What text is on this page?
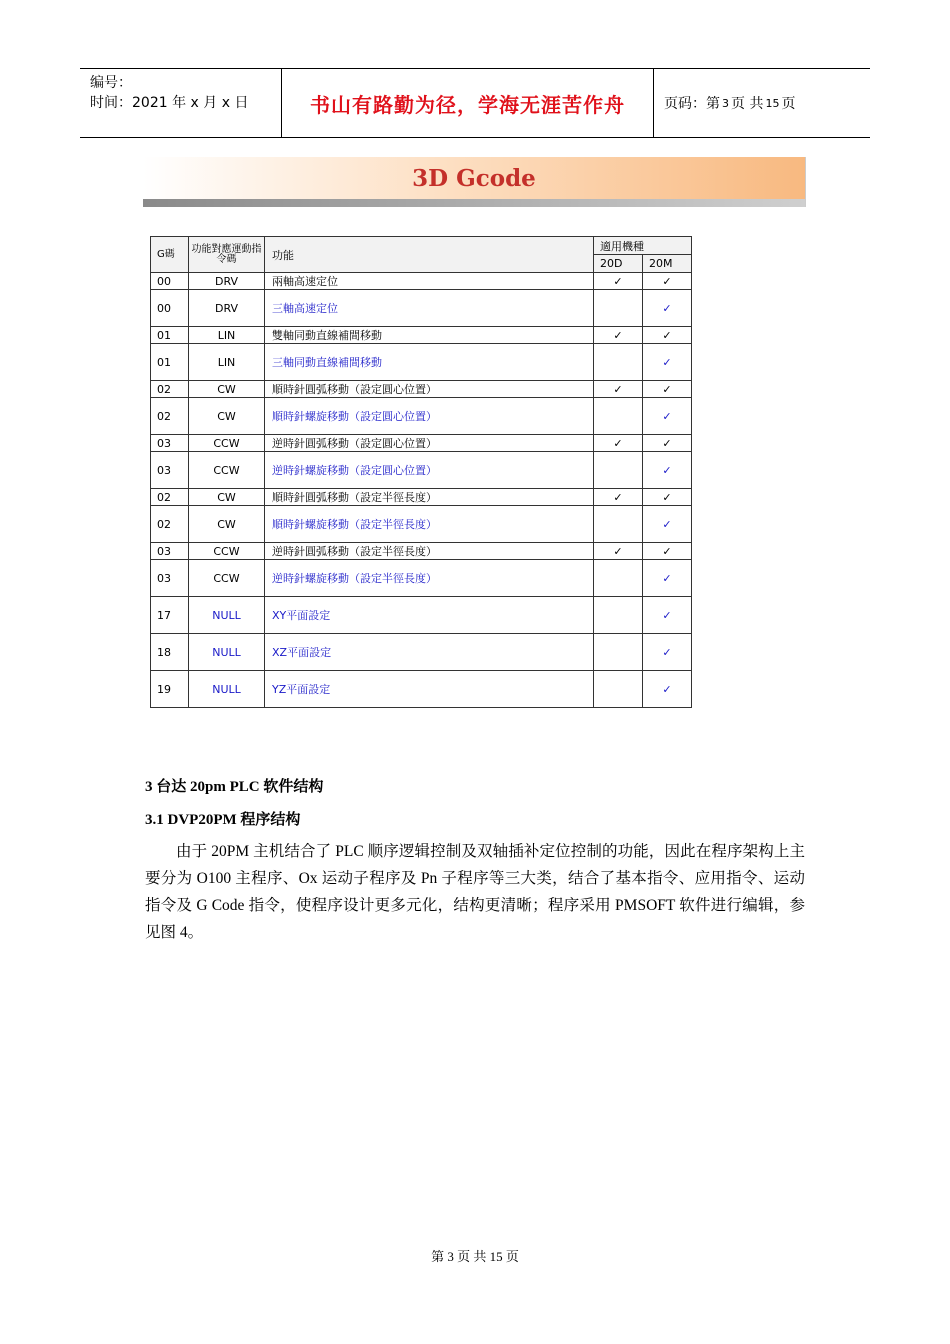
编号：
时间：2021 年 x 月 x 日	书山有路勤为径，学海无涯苦作舟	页码：第 3 页 共 15 页
3D Gcode
G碼	功能對應運動指令碼	功能	適用機種	
			20D	20M
00	DRV	兩軸高速定位	✓	✓
00	DRV	三軸高速定位		✓
01	LIN	雙軸同動直線補間移動	✓	✓
01	LIN	三軸同動直線補間移動		✓
02	CW	順時針圓弧移動（設定圓心位置）	✓	✓
02	CW	順時針螺旋移動（設定圓心位置）		✓
03	CCW	逆時針圓弧移動（設定圓心位置）	✓	✓
03	CCW	逆時針螺旋移動（設定圓心位置）		✓
02	CW	順時針圓弧移動（設定半徑長度）	✓	✓
02	CW	順時針螺旋移動（設定半徑長度）		✓
03	CCW	逆時針圓弧移動（設定半徑長度）	✓	✓
03	CCW	逆時針螺旋移動（設定半徑長度）		✓
17	NULL	XY平面設定		✓
18	NULL	XZ平面設定		✓
19	NULL	YZ平面設定		✓
3 台达 20pm PLC 软件结构
3.1 DVP20PM 程序结构
由于 20PM 主机结合了 PLC 顺序逻辑控制及双轴插补定位控制的功能，因此在程序架构上主要分为 O100 主程序、Ox 运动子程序及 Pn 子程序等三大类，结合了基本指令、应用指令、运动指令及 G Code 指令，使程序设计更多元化，结构更清晰；程序采用 PMSOFT 软件进行编辑，参见图 4。
第 3 页 共 15 页
